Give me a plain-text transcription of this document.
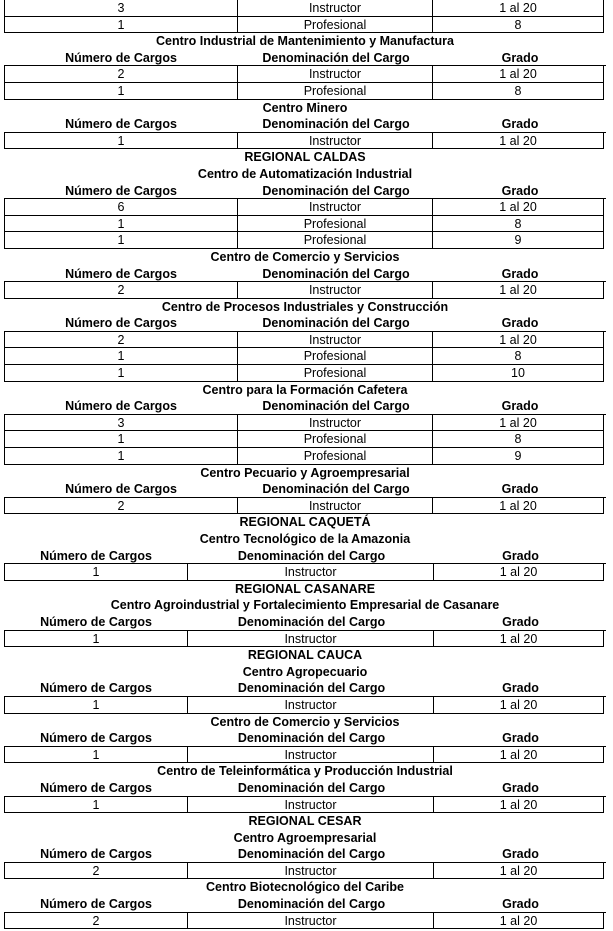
3	Instructor	1 al 20
1	Profesional	8
Centro Industrial de Mantenimiento y Manufactura
Número de Cargos	Denominación del Cargo	Grado
2	Instructor	1 al 20
1	Profesional	8
Centro Minero
Número de Cargos	Denominación del Cargo	Grado
1	Instructor	1 al 20
REGIONAL CALDAS
Centro de Automatización Industrial
Número de Cargos	Denominación del Cargo	Grado
6	Instructor	1 al 20
1	Profesional	8
1	Profesional	9
Centro de Comercio y Servicios
Número de Cargos	Denominación del Cargo	Grado
2	Instructor	1 al 20
Centro de Procesos Industriales y Construcción
Número de Cargos	Denominación del Cargo	Grado
2	Instructor	1 al 20
1	Profesional	8
1	Profesional	10
Centro para la Formación Cafetera
Número de Cargos	Denominación del Cargo	Grado
3	Instructor	1 al 20
1	Profesional	8
1	Profesional	9
Centro Pecuario y Agroempresarial
Número de Cargos	Denominación del Cargo	Grado
2	Instructor	1 al 20
REGIONAL CAQUETÁ
Centro Tecnológico de la Amazonia
Número de Cargos	Denominación del Cargo	Grado
1	Instructor	1 al 20
REGIONAL CASANARE
Centro Agroindustrial y Fortalecimiento Empresarial de Casanare
Número de Cargos	Denominación del Cargo	Grado
1	Instructor	1 al 20
REGIONAL CAUCA
Centro Agropecuario
Número de Cargos	Denominación del Cargo	Grado
1	Instructor	1 al 20
Centro de Comercio y Servicios
Número de Cargos	Denominación del Cargo	Grado
1	Instructor	1 al 20
Centro de Teleinformática y Producción Industrial
Número de Cargos	Denominación del Cargo	Grado
1	Instructor	1 al 20
REGIONAL CESAR
Centro Agroempresarial
Número de Cargos	Denominación del Cargo	Grado
2	Instructor	1 al 20
Centro Biotecnológico del Caribe
Número de Cargos	Denominación del Cargo	Grado
2	Instructor	1 al 20
